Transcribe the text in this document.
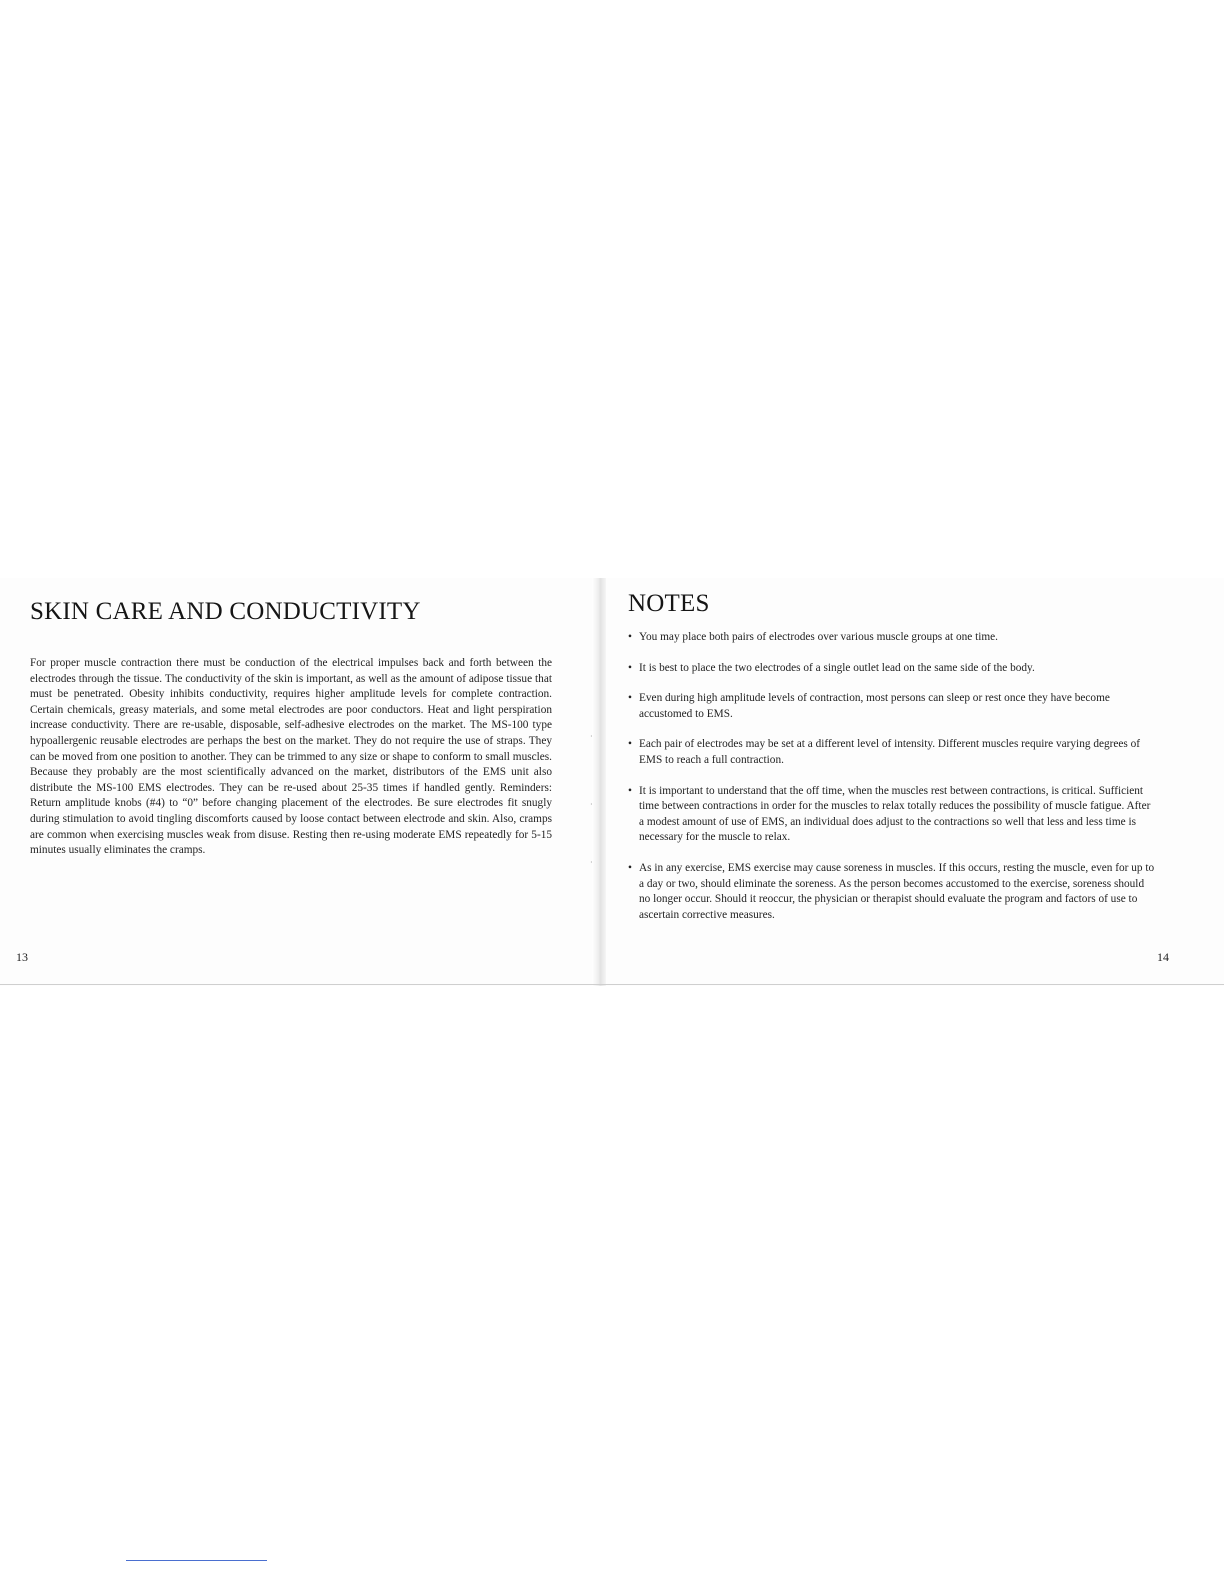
·
·
·
SKIN CARE AND CONDUCTIVITY

For proper muscle contraction there must be conduction of the electrical impulses back and forth between the electrodes through the tissue. The conductivity of the skin is important, as well as the amount of adipose tissue that must be penetrated. Obesity inhibits conductivity, requires higher amplitude levels for complete contraction. Certain chemicals, greasy materials, and some metal electrodes are poor conductors. Heat and light perspiration increase conductivity. There are re-usable, disposable, self-adhesive electrodes on the market. The MS-100 type hypoallergenic reusable electrodes are perhaps the best on the market. They do not require the use of straps. They can be moved from one position to another. They can be trimmed to any size or shape to conform to small muscles. Because they probably are the most scientifically advanced on the market, distributors of the EMS unit also distribute the MS-100 EMS electrodes. They can be re-used about 25-35 times if handled gently. Reminders: Return amplitude knobs (#4) to “0” before changing placement of the electrodes. Be sure electrodes fit snugly during stimulation to avoid tingling discomforts caused by loose contact between electrode and skin. Also, cramps are common when exercising muscles weak from disuse. Resting then re-using moderate EMS repeatedly for 5-15 minutes usually eliminates the cramps.

NOTES
• You may place both pairs of electrodes over various muscle groups at one time.
• It is best to place the two electrodes of a single outlet lead on the same side of the body.
• Even during high amplitude levels of contraction, most persons can sleep or rest once they have become accustomed to EMS.
• Each pair of electrodes may be set at a different level of intensity. Different muscles require varying degrees of EMS to reach a full contraction.
• It is important to understand that the off time, when the muscles rest between contractions, is critical. Sufficient time between contractions in order for the muscles to relax totally reduces the possibility of muscle fatigue. After a modest amount of use of EMS, an individual does adjust to the contractions so well that less and less time is necessary for the muscle to relax.
• As in any exercise, EMS exercise may cause soreness in muscles. If this occurs, resting the muscle, even for up to a day or two, should eliminate the soreness. As the person becomes accustomed to the exercise, soreness should no longer occur. Should it reoccur, the physician or therapist should evaluate the program and factors of use to ascertain corrective measures.
13	14
